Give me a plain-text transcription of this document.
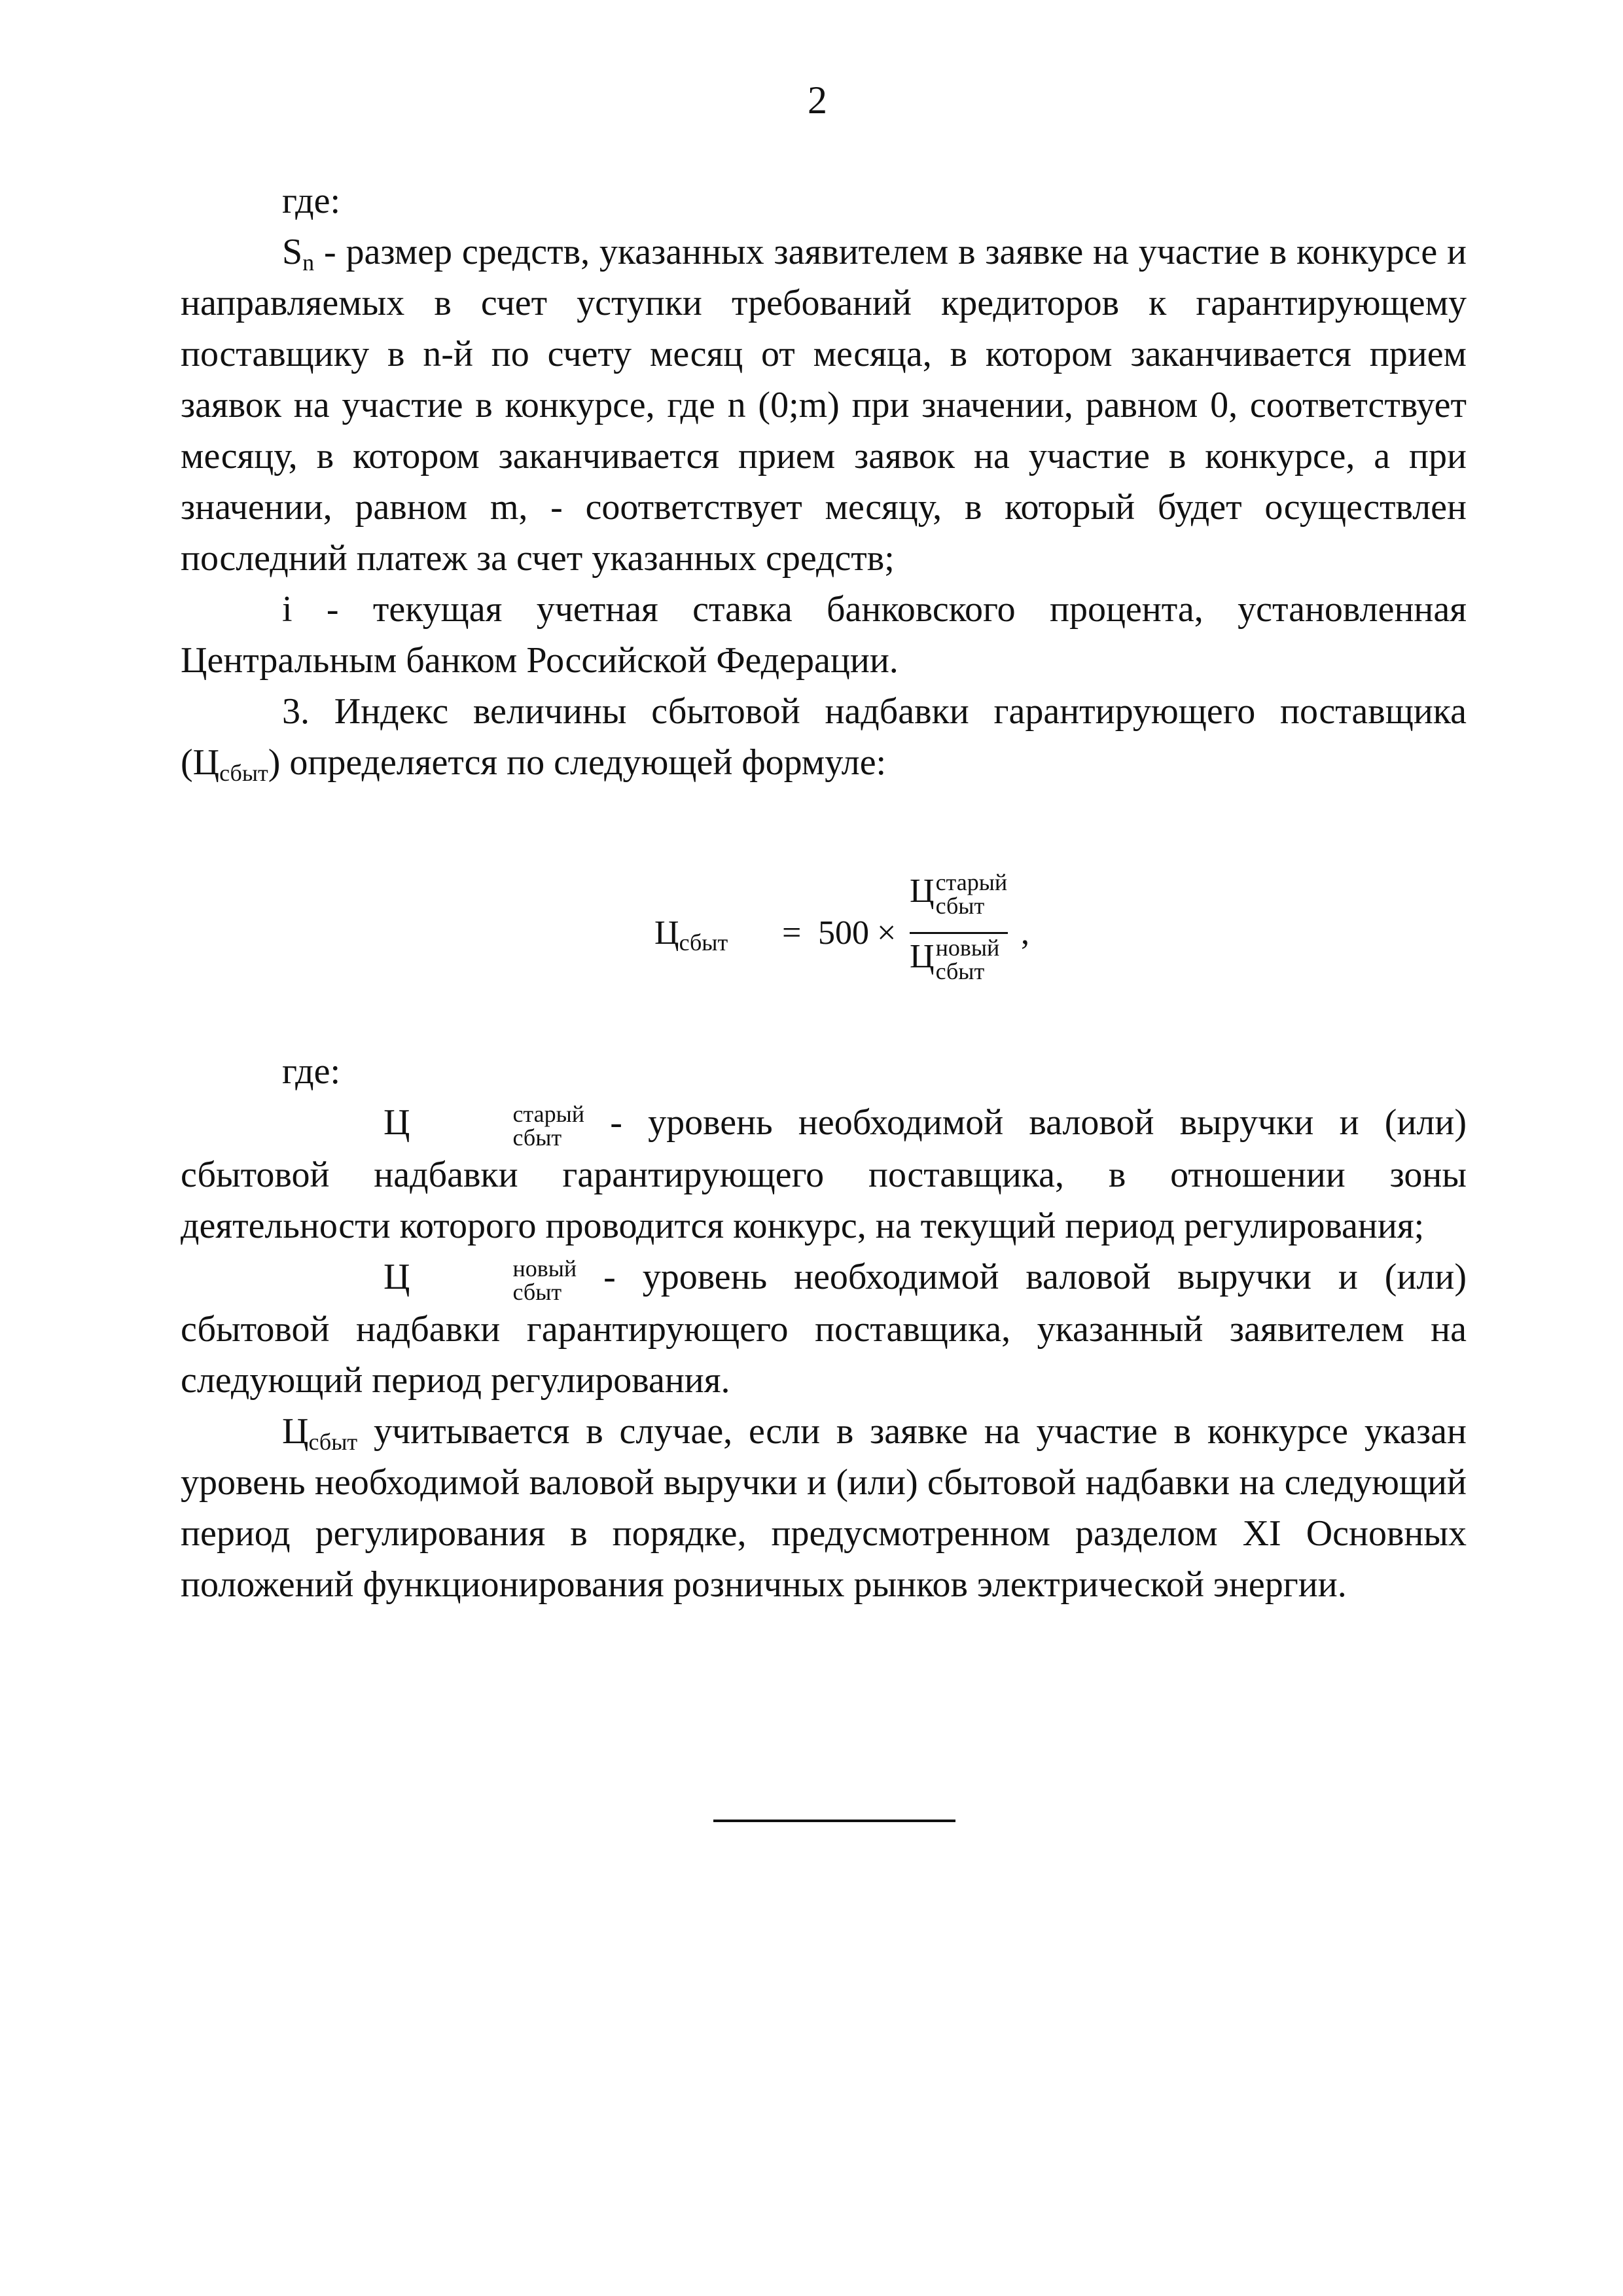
2

где:

$S_n$ - размер средств, указанных заявителем в заявке на участие в конкурсе и направляемых в счет уступки требований кредиторов к гарантирующему поставщику в n-й по счету месяц от месяца, в котором заканчивается прием заявок на участие в конкурсе, где n (0;m) при значении, равном 0, соответствует месяцу, в котором заканчивается прием заявок на участие в конкурсе, а при значении, равном m, - соответствует месяцу, в который будет осуществлен последний платеж за счет указанных средств;

i - текущая учетная ставка банковского процента, установленная Центральным банком Российской Федерации.

3. Индекс величины сбытовой надбавки гарантирующего поставщика $(Ц_{сбыт})$ определяется по следующей формуле:

$Ц_{сбыт} = 500$ ×
Ц старый
сбыт
Ц новый
сбыт
,

где:

Ц	старый
сбыт - уровень необходимой валовой выручки и (или) сбытовой надбавки гарантирующего поставщика, в отношении зоны деятельности которого проводится конкурс, на текущий период регулирования;

Ц	новый
сбыт - уровень необходимой валовой выручки и (или) сбытовой надбавки гарантирующего поставщика, указанный заявителем на следующий период регулирования.

$Ц_{сбыт}$ учитывается в случае, если в заявке на участие в конкурсе указан уровень необходимой валовой выручки и (или) сбытовой надбавки на следующий период регулирования в порядке, предусмотренном разделом XI Основных положений функционирования розничных рынков электрической энергии.
